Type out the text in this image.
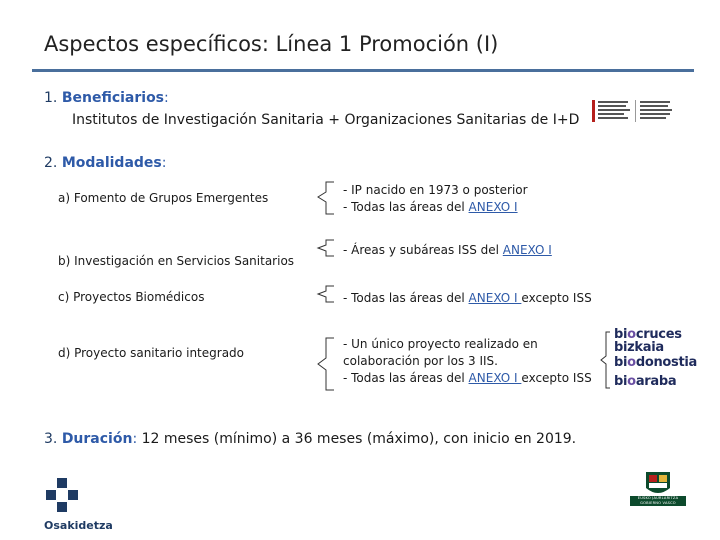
Aspectos específicos: Línea 1 Promoción (I)
1. Beneficiarios:
Institutos de Investigación Sanitaria + Organizaciones Sanitarias de I+D
2. Modalidades:
a) Fomento de Grupos Emergentes
b) Investigación en Servicios Sanitarios
c) Proyectos Biomédicos
d) Proyecto sanitario integrado
- IP nacido en 1973 o posterior
- Todas las áreas del ANEXO I
- Áreas y subáreas ISS del ANEXO I
- Todas las áreas del ANEXO I excepto ISS
- Un único proyecto realizado en
colaboración por los 3 IIS.
- Todas las áreas del ANEXO I excepto ISS
biocruces
bizkaia
biodonostia
bioaraba
3. Duración: 12 meses (mínimo) a 36 meses (máximo), con inicio en 2019.
Osakidetza
EUSKO JAURLARITZA
GOBIERNO VASCO
